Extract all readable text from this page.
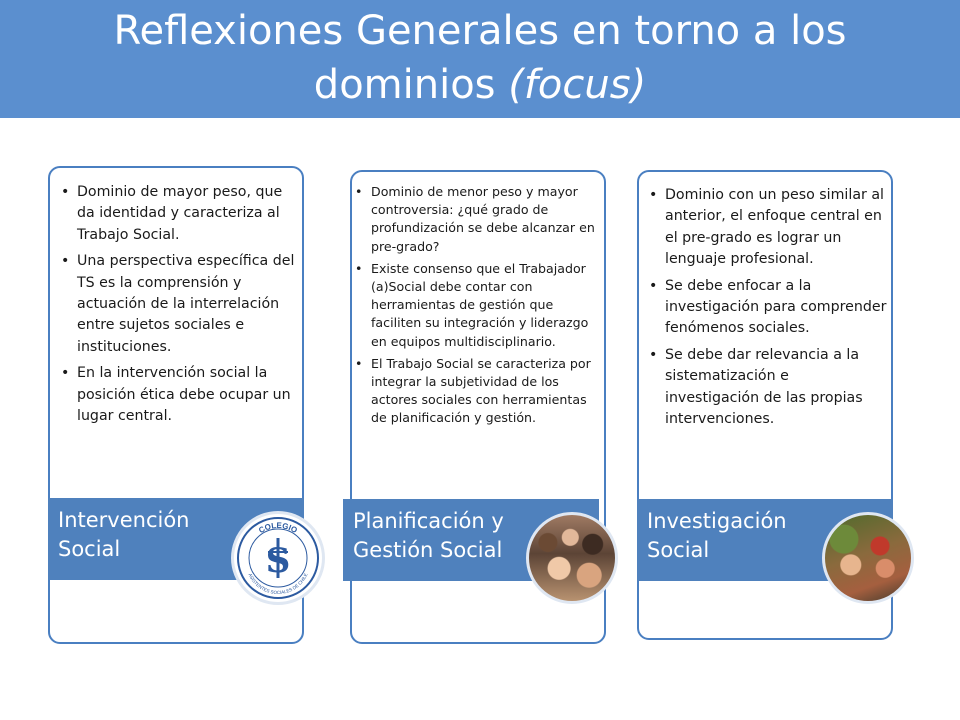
Reflexiones Generales en torno a los
dominios (focus)
• Dominio de mayor peso, que da identidad y caracteriza al Trabajo Social.
• Una perspectiva específica del TS es la comprensión y actuación de la interrelación entre sujetos sociales e instituciones.
• En la intervención social la posición ética debe ocupar un lugar central.
Intervención
Social
COLEGIO
ASISTENTES SOCIALES DE CHILE
S
• Dominio de menor peso y mayor controversia: ¿qué grado de profundización se debe alcanzar en pre-grado?
• Existe consenso que el Trabajador (a)Social debe contar con herramientas de gestión que faciliten su integración y liderazgo en equipos multidisciplinario.
• El Trabajo Social se caracteriza por integrar la subjetividad de los actores sociales con herramientas de planificación y gestión.
Planificación y
Gestión Social
• Dominio con un peso similar al anterior, el enfoque central en el pre-grado es lograr un lenguaje profesional.
• Se debe enfocar a la investigación para comprender fenómenos sociales.
• Se debe dar relevancia a la sistematización e investigación de las propias intervenciones.
Investigación
Social
